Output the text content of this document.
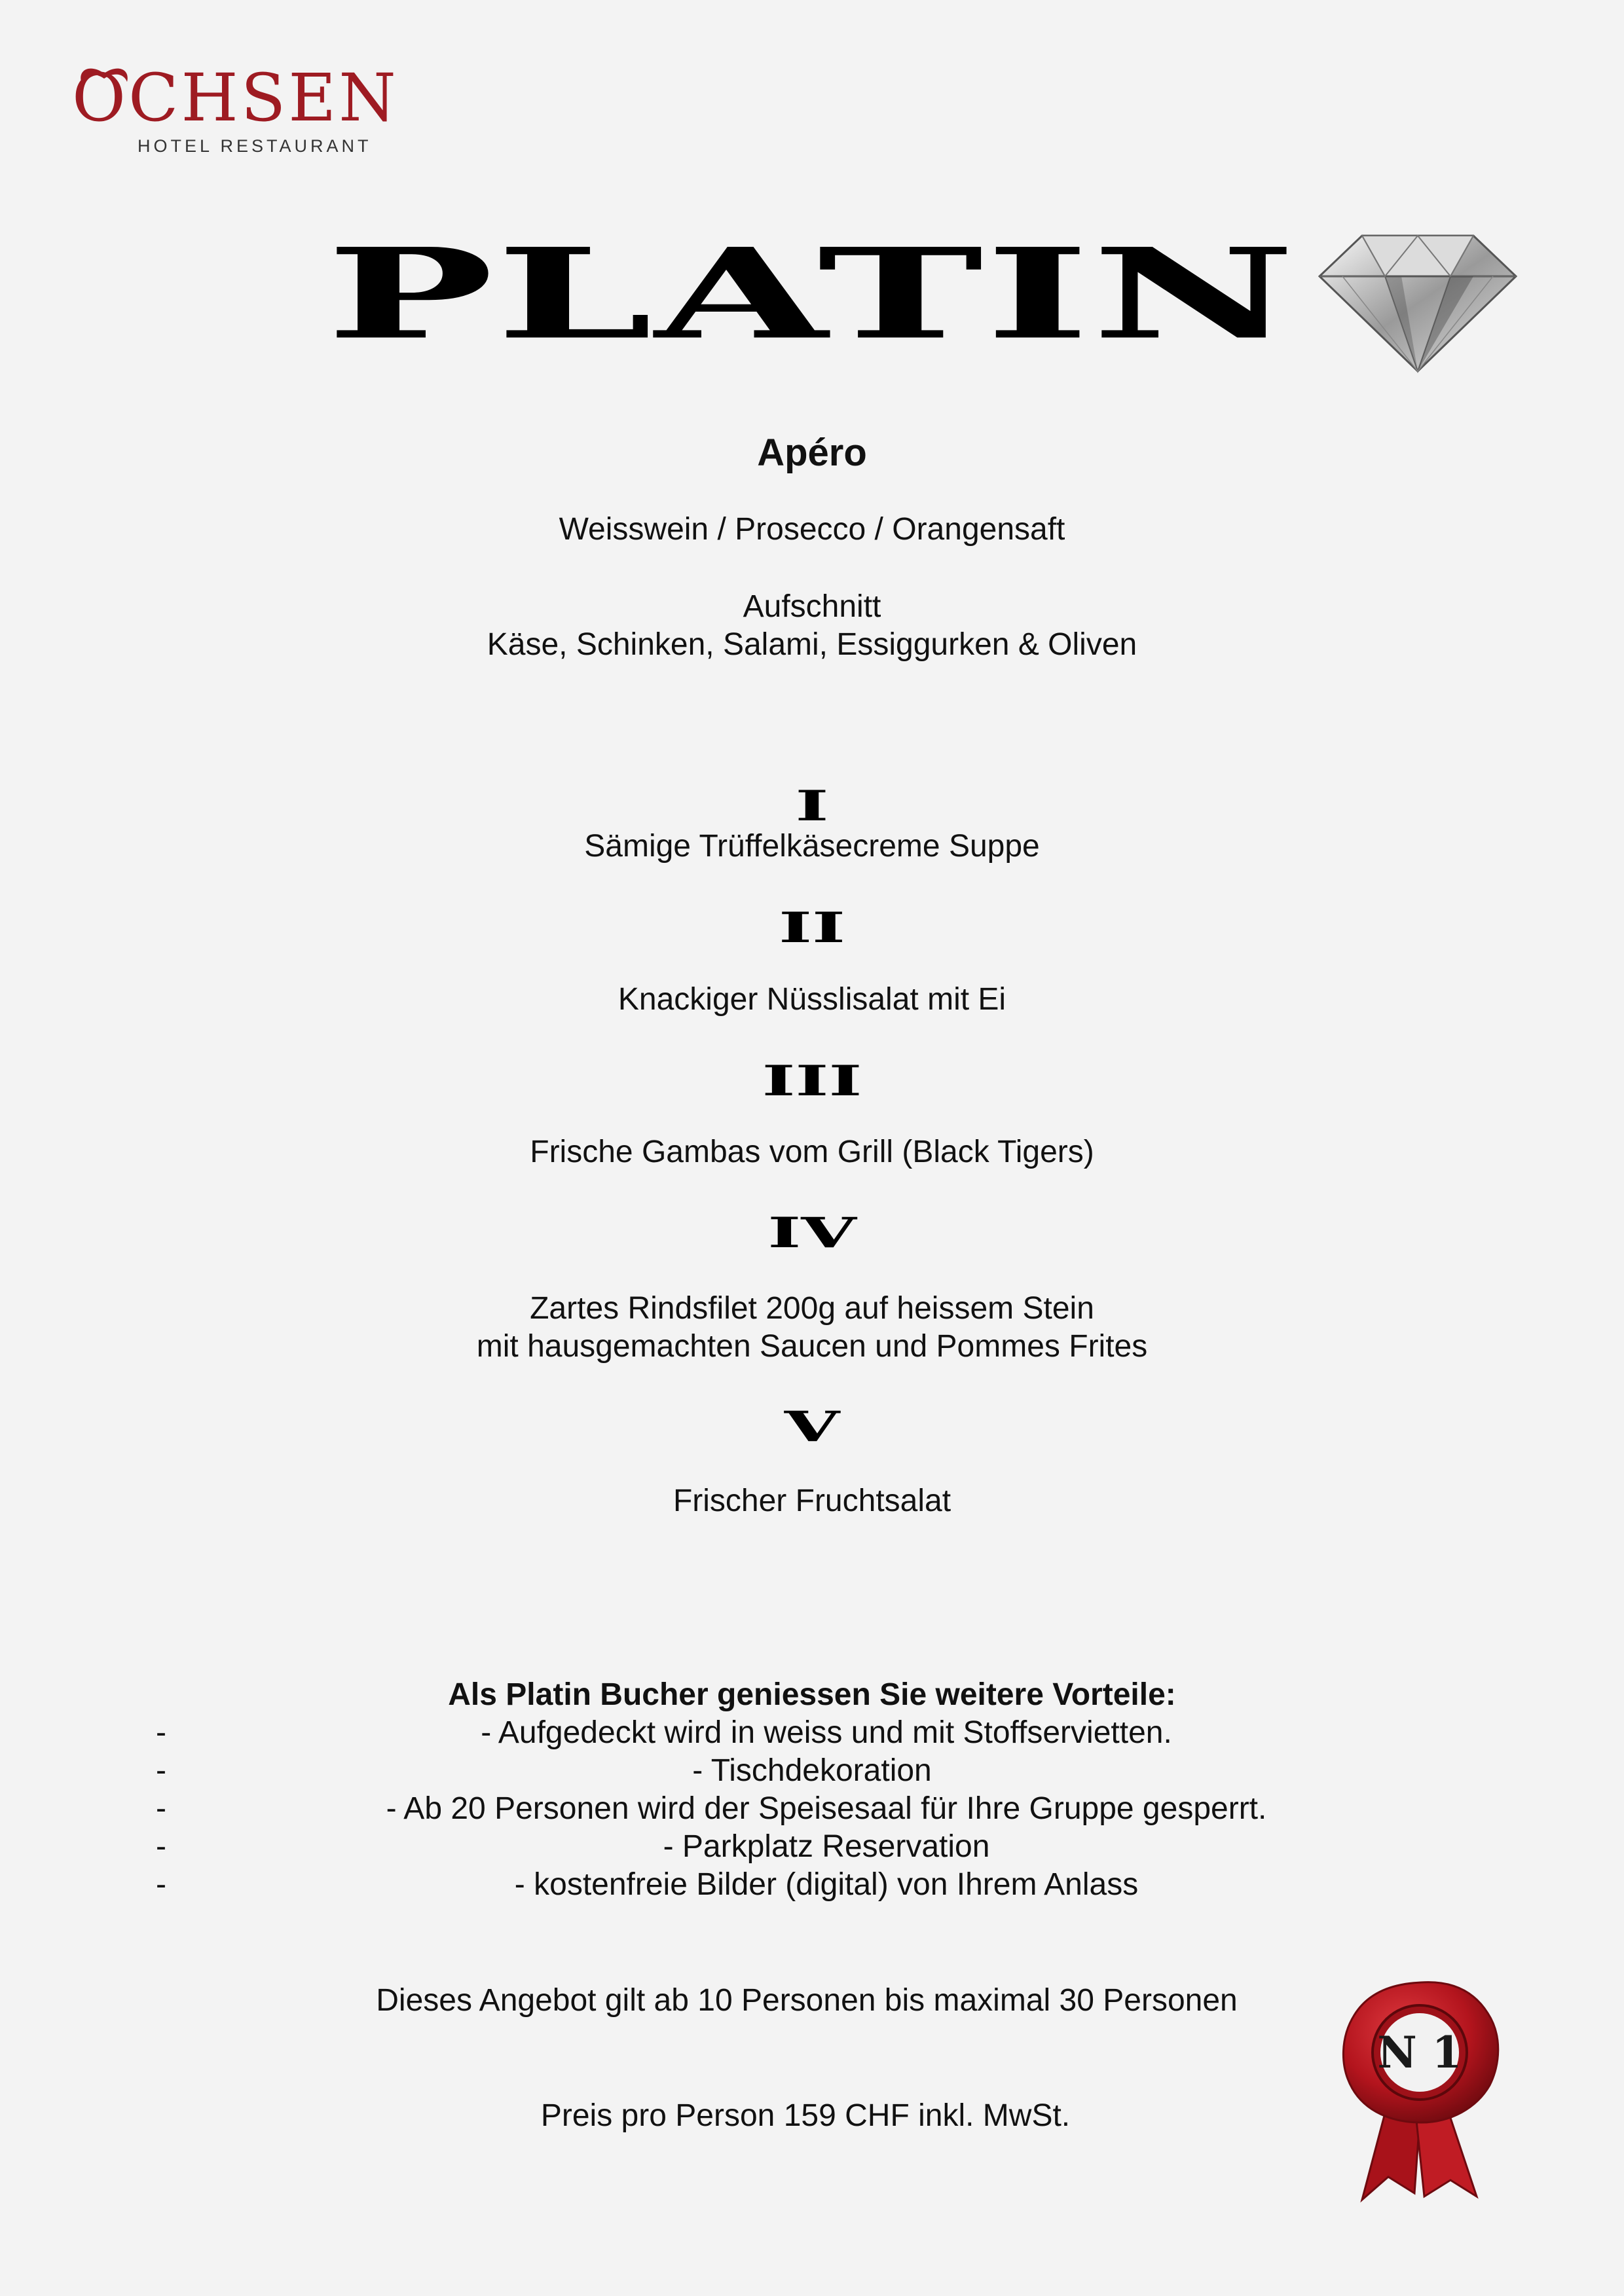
OCHSEN
HOTEL RESTAURANT
PLATIN
Apéro
Weisswein / Prosecco / Orangensaft
Aufschnitt
Käse, Schinken, Salami, Essiggurken & Oliven
I
Sämige Trüffelkäsecreme Suppe
II
Knackiger Nüsslisalat mit Ei
III
Frische Gambas vom Grill (Black Tigers)
IV
Zartes Rindsfilet 200g auf heissem Stein
mit hausgemachten Saucen und Pommes Frites
V
Frischer Fruchtsalat
Als Platin Bucher geniessen Sie weitere Vorteile:
-	- Aufgedeckt wird in weiss und mit Stoffservietten.
-	- Tischdekoration
-	- Ab 20 Personen wird der Speisesaal für Ihre Gruppe gesperrt.
-	- Parkplatz Reservation
-	- kostenfreie Bilder (digital) von Ihrem Anlass
Dieses Angebot gilt ab 10 Personen bis maximal 30 Personen
Preis pro Person 159 CHF inkl. MwSt.
N 1
